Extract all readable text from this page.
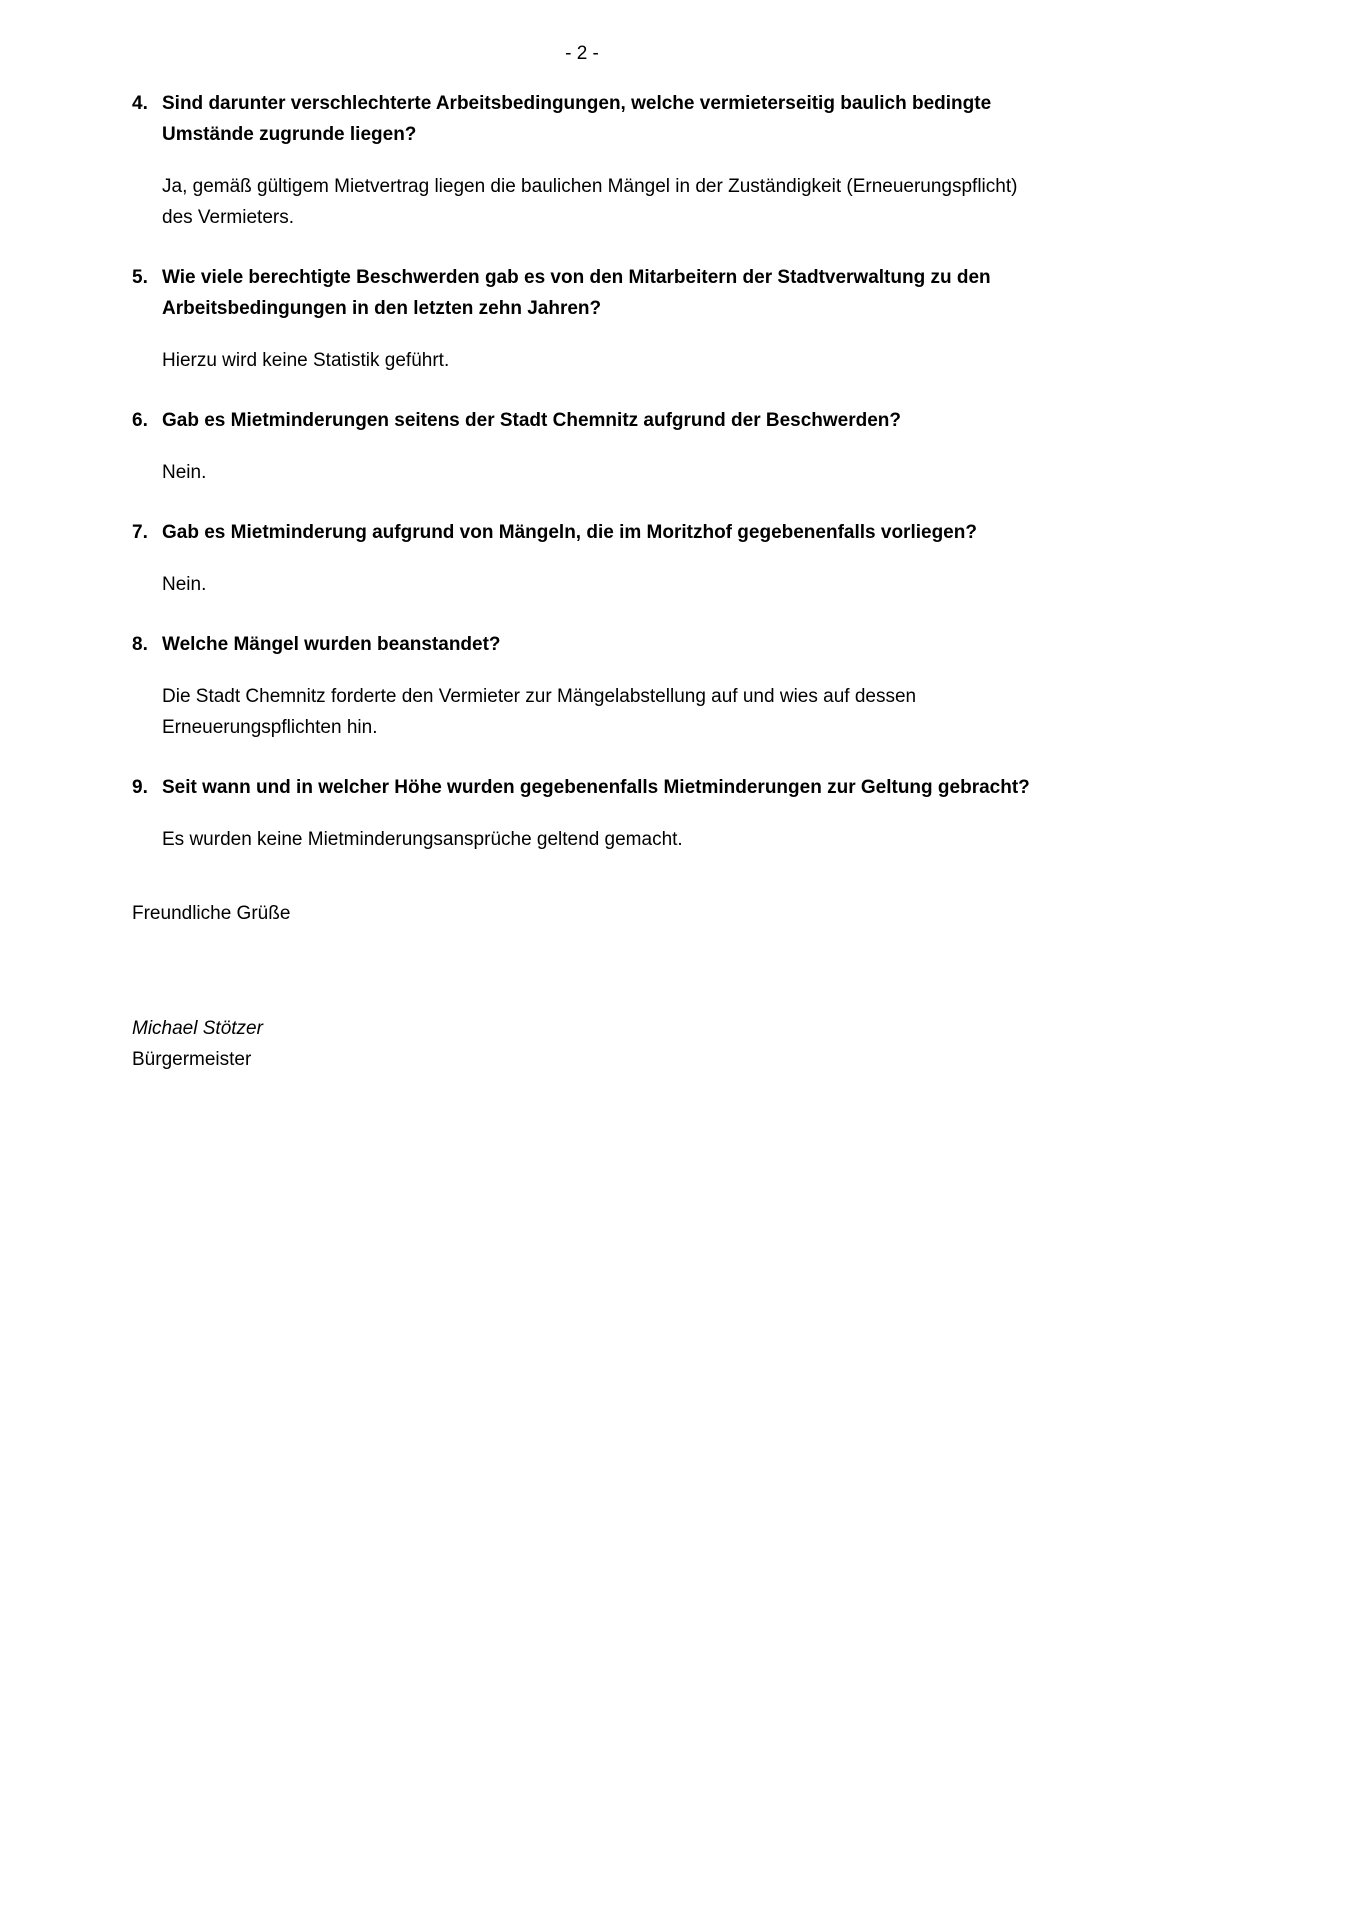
- 2 -
4. Sind darunter verschlechterte Arbeitsbedingungen, welche vermieterseitig baulich bedingte Umstände zugrunde liegen?
Ja, gemäß gültigem Mietvertrag liegen die baulichen Mängel in der Zuständigkeit (Erneuerungspflicht) des Vermieters.
5. Wie viele berechtigte Beschwerden gab es von den Mitarbeitern der Stadtverwaltung zu den Arbeitsbedingungen in den letzten zehn Jahren?
Hierzu wird keine Statistik geführt.
6. Gab es Mietminderungen seitens der Stadt Chemnitz aufgrund der Beschwerden?
Nein.
7. Gab es Mietminderung aufgrund von Mängeln, die im Moritzhof gegebenenfalls vorliegen?
Nein.
8. Welche Mängel wurden beanstandet?
Die Stadt Chemnitz forderte den Vermieter zur Mängelabstellung auf und wies auf dessen Erneuerungspflichten hin.
9. Seit wann und in welcher Höhe wurden gegebenenfalls Mietminderungen zur Geltung gebracht?
Es wurden keine Mietminderungsansprüche geltend gemacht.
Freundliche Grüße
Michael Stötzer
Bürgermeister
